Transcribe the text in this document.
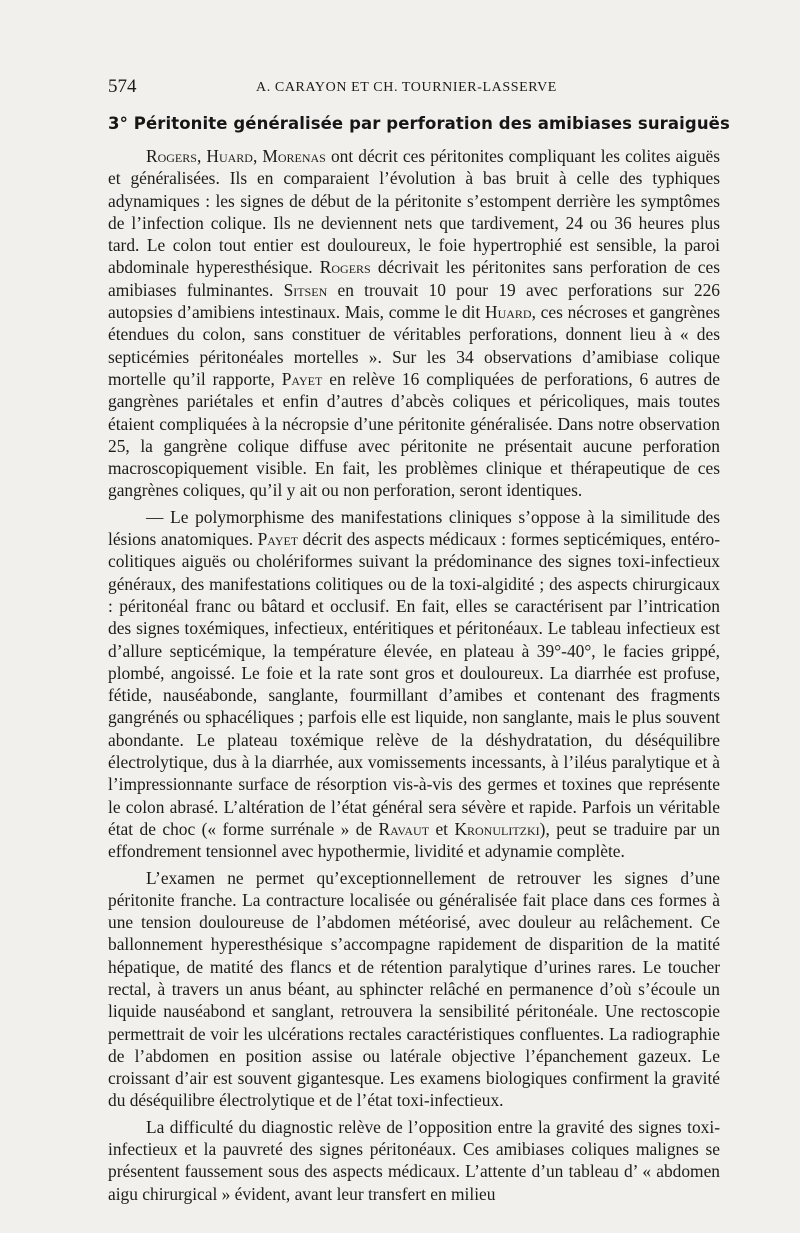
574	A. CARAYON ET CH. TOURNIER-LASSERVE
3° Péritonite généralisée par perforation des amibiases suraiguës

Rogers, Huard, Morenas ont décrit ces péritonites compliquant les colites aiguës et généralisées. Ils en comparaient l’évolution à bas bruit à celle des typhiques adynamiques : les signes de début de la péritonite s’estompent derrière les symptômes de l’infection colique. Ils ne deviennent nets que tardivement, 24 ou 36 heures plus tard. Le colon tout entier est douloureux, le foie hypertrophié est sensible, la paroi abdominale hyperesthésique. Rogers décrivait les péritonites sans perforation de ces amibiases fulminantes. Sitsen en trouvait 10 pour 19 avec perforations sur 226 autopsies d’amibiens intestinaux. Mais, comme le dit Huard, ces nécroses et gangrènes étendues du colon, sans constituer de véritables perforations, donnent lieu à « des septicémies péritonéales mortelles ». Sur les 34 observations d’amibiase colique mortelle qu’il rapporte, Payet en relève 16 compliquées de perforations, 6 autres de gangrènes pariétales et enfin d’autres d’abcès coliques et péricoliques, mais toutes étaient compliquées à la nécropsie d’une péritonite généralisée. Dans notre observation 25, la gangrène colique diffuse avec péritonite ne présentait aucune perforation macroscopiquement visible. En fait, les problèmes clinique et thérapeutique de ces gangrènes coliques, qu’il y ait ou non perforation, seront identiques.

— Le polymorphisme des manifestations cliniques s’oppose à la similitude des lésions anatomiques. Payet décrit des aspects médicaux : formes septicémiques, entéro-colitiques aiguës ou cholériformes suivant la prédominance des signes toxi-infectieux généraux, des manifestations colitiques ou de la toxi-algidité ; des aspects chirurgicaux : péritonéal franc ou bâtard et occlusif. En fait, elles se caractérisent par l’intrication des signes toxémiques, infectieux, entéritiques et péritonéaux. Le tableau infectieux est d’allure septicémique, la température élevée, en plateau à 39°-40°, le facies grippé, plombé, angoissé. Le foie et la rate sont gros et douloureux. La diarrhée est profuse, fétide, nauséabonde, sanglante, fourmillant d’amibes et contenant des fragments gangrénés ou sphacéliques ; parfois elle est liquide, non sanglante, mais le plus souvent abondante. Le plateau toxémique relève de la déshydratation, du déséquilibre électrolytique, dus à la diarrhée, aux vomissements incessants, à l’iléus paralytique et à l’impressionnante surface de résorption vis-à-vis des germes et toxines que représente le colon abrasé. L’altération de l’état général sera sévère et rapide. Parfois un véritable état de choc (« forme surrénale » de Ravaut et Kronulitzki), peut se traduire par un effondrement tensionnel avec hypothermie, lividité et adynamie complète.

L’examen ne permet qu’exceptionnellement de retrouver les signes d’une péritonite franche. La contracture localisée ou généralisée fait place dans ces formes à une tension douloureuse de l’abdomen météorisé, avec douleur au relâchement. Ce ballonnement hyperesthésique s’accompagne rapidement de disparition de la matité hépatique, de matité des flancs et de rétention paralytique d’urines rares. Le toucher rectal, à travers un anus béant, au sphincter relâché en permanence d’où s’écoule un liquide nauséabond et sanglant, retrouvera la sensibilité péritonéale. Une rectoscopie permettrait de voir les ulcérations rectales caractéristiques confluentes. La radiographie de l’abdomen en position assise ou latérale objective l’épanchement gazeux. Le croissant d’air est souvent gigantesque. Les examens biologiques confirment la gravité du déséquilibre électrolytique et de l’état toxi-infectieux.

La difficulté du diagnostic relève de l’opposition entre la gravité des signes toxi-infectieux et la pauvreté des signes péritonéaux. Ces amibiases coliques malignes se présentent faussement sous des aspects médicaux. L’attente d’un tableau d’ « abdomen aigu chirurgical » évident, avant leur transfert en milieu
